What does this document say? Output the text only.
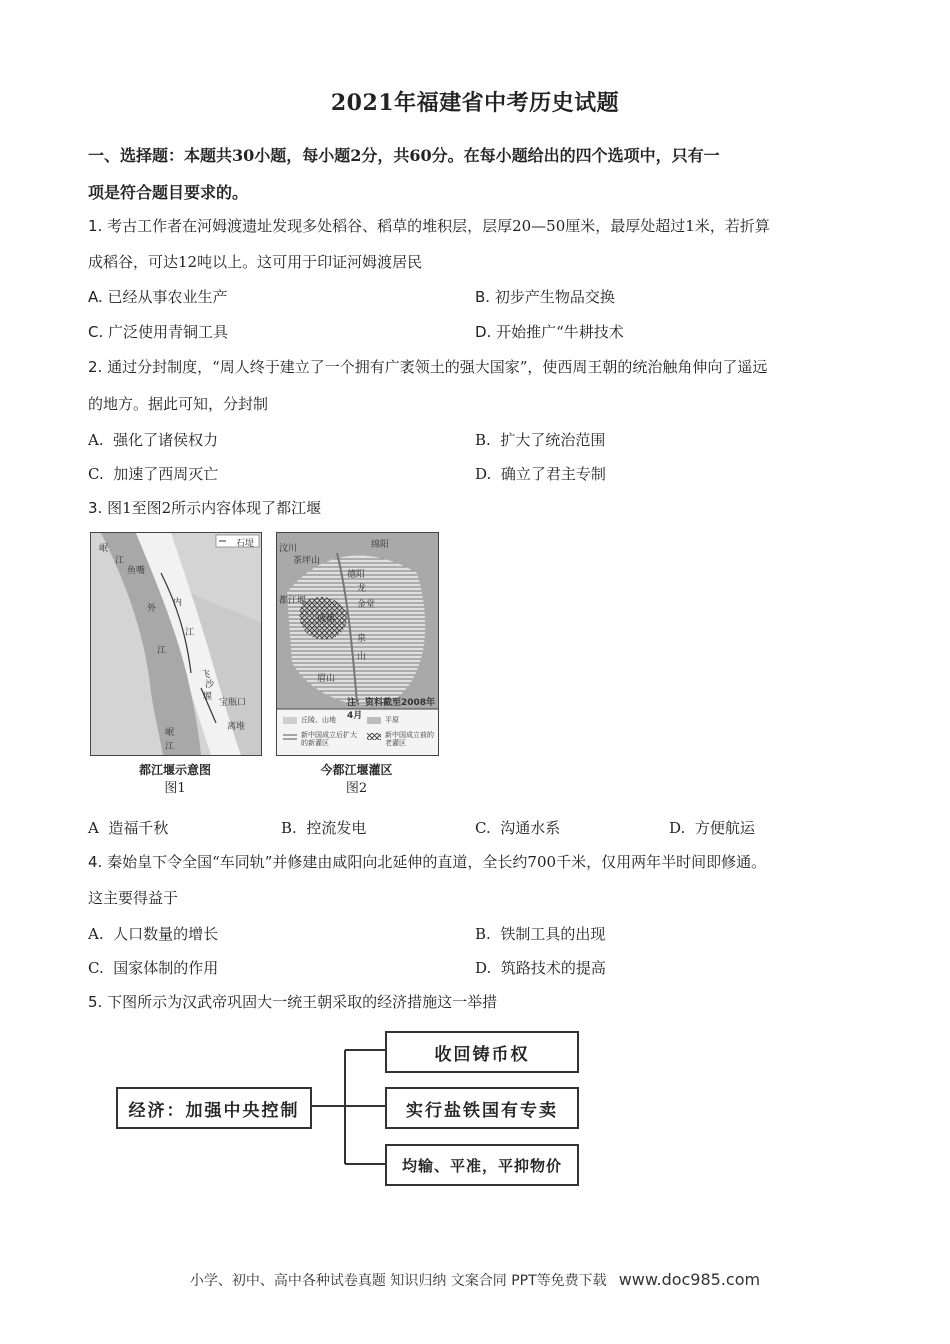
2021年福建省中考历史试题
一、选择题：本题共30小题，每小题2分，共60分。在每小题给出的四个选项中，只有一
项是符合题目要求的。
1. 考古工作者在河姆渡遗址发现多处稻谷、稻草的堆积层，层厚20—50厘米，最厚处超过1米，若折算
成稻谷，可达12吨以上。这可用于印证河姆渡居民
A. 已经从事农业生产	B. 初步产生物品交换
C. 广泛使用青铜工具	D. 开始推广“牛耕技术
2. 通过分封制度，“周人终于建立了一个拥有广袤领土的强大国家”，使西周王朝的统治触角伸向了遥远
的地方。据此可知，分封制
A. 强化了诸侯权力	B. 扩大了统治范围
C. 加速了西周灭亡	D. 确立了君主专制
3. 图1至图2所示内容体现了都江堰
石堤
岷
江
鱼嘴
外
江
内
江
飞
沙
堰
宝瓶口
离堆
岷
江
都江堰示意图
图1
汶川
茶坪山
绵阳
德阳
都江堰
成都
金堂
眉山
龙
泉
山
注：资料截至2008年4月
丘陵、山地	平原
新中国成立后扩大的新灌区
新中国成立前的老灌区
今都江堰灌区
图2
A 造福千秋	B. 控流发电	C. 沟通水系	D. 方便航运
4. 秦始皇下令全国“车同轨”并修建由咸阳向北延伸的直道，全长约700千米，仅用两年半时间即修通。
这主要得益于
A. 人口数量的增长	B. 铁制工具的出现
C. 国家体制的作用	D. 筑路技术的提高
5. 下图所示为汉武帝巩固大一统王朝采取的经济措施这一举措
经济：加强中央控制
收回铸币权
实行盐铁国有专卖
均输、平准，平抑物价
小学、初中、高中各种试卷真题 知识归纳 文案合同 PPT等免费下载 www.doc985.com
